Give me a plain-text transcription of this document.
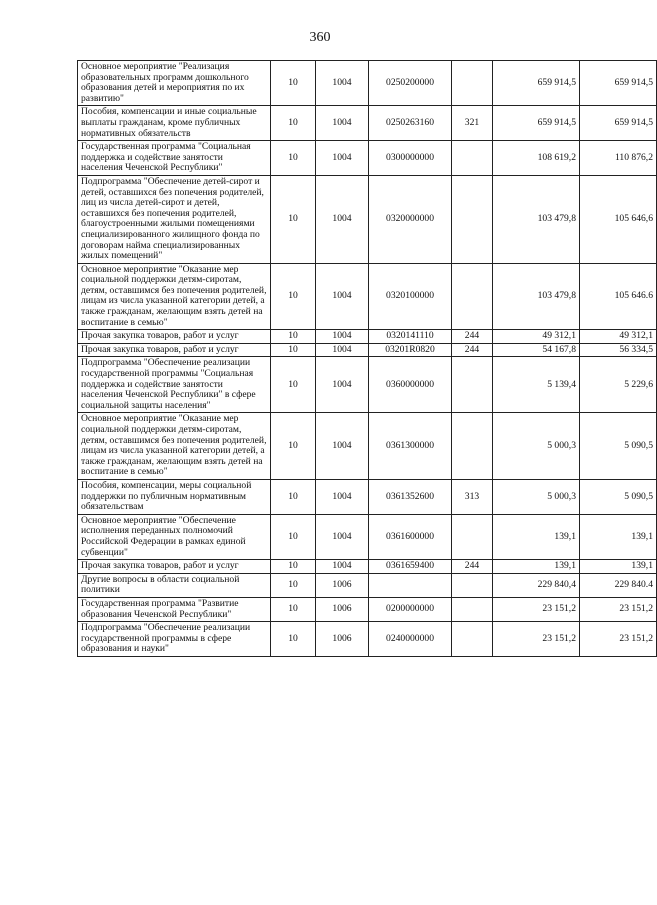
360
Основное мероприятие "Реализация образовательных программ дошкольного образования детей и мероприятия по их развитию"	10	1004	0250200000		659 914,5	659 914,5
Пособия, компенсации и иные социальные выплаты гражданам, кроме публичных нормативных обязательств	10	1004	0250263160	321	659 914,5	659 914,5
Государственная программа "Социальная поддержка и содействие занятости населения Чеченской Республики"	10	1004	0300000000		108 619,2	110 876,2
Подпрограмма "Обеспечение детей-сирот и детей, оставшихся без попечения родителей, лиц из числа детей-сирот и детей, оставшихся без попечения родителей, благоустроенными жилыми помещениями специализированного жилищного фонда по договорам найма специализированных жилых помещений"	10	1004	0320000000		103 479,8	105 646,6
Основное мероприятие "Оказание мер социальной поддержки детям-сиротам, детям, оставшимся без попечения родителей, лицам из числа указанной категории детей, а также гражданам, желающим взять детей на воспитание в семью"	10	1004	0320100000		103 479,8	105 646.6
Прочая закупка товаров, работ и услуг	10	1004	0320141110	244	49 312,1	49 312,1
Прочая закупка товаров, работ и услуг	10	1004	03201R0820	244	54 167,8	56 334,5
Подпрограмма "Обеспечение реализации государственной программы "Социальная поддержка и содействие занятости населения Чеченской Республики" в сфере социальной защиты населения"	10	1004	0360000000		5 139,4	5 229,6
Основное мероприятие "Оказание мер социальной поддержки детям-сиротам, детям, оставшимся без попечения родителей, лицам из числа указанной категории детей, а также гражданам, желающим взять детей на воспитание в семью"	10	1004	0361300000		5 000,3	5 090,5
Пособия, компенсации, меры социальной поддержки по публичным нормативным обязательствам	10	1004	0361352600	313	5 000,3	5 090,5
Основное мероприятие "Обеспечение исполнения переданных полномочий Российской Федерации в рамках единой субвенции"	10	1004	0361600000		139,1	139,1
Прочая закупка товаров, работ и услуг	10	1004	0361659400	244	139,1	139,1
Другие вопросы в области социальной политики	10	1006			229 840,4	229 840.4
Государственная программа "Развитие образования Чеченской Республики"	10	1006	0200000000		23 151,2	23 151,2
Подпрограмма "Обеспечение реализации государственной программы в сфере образования и науки"	10	1006	0240000000		23 151,2	23 151,2
